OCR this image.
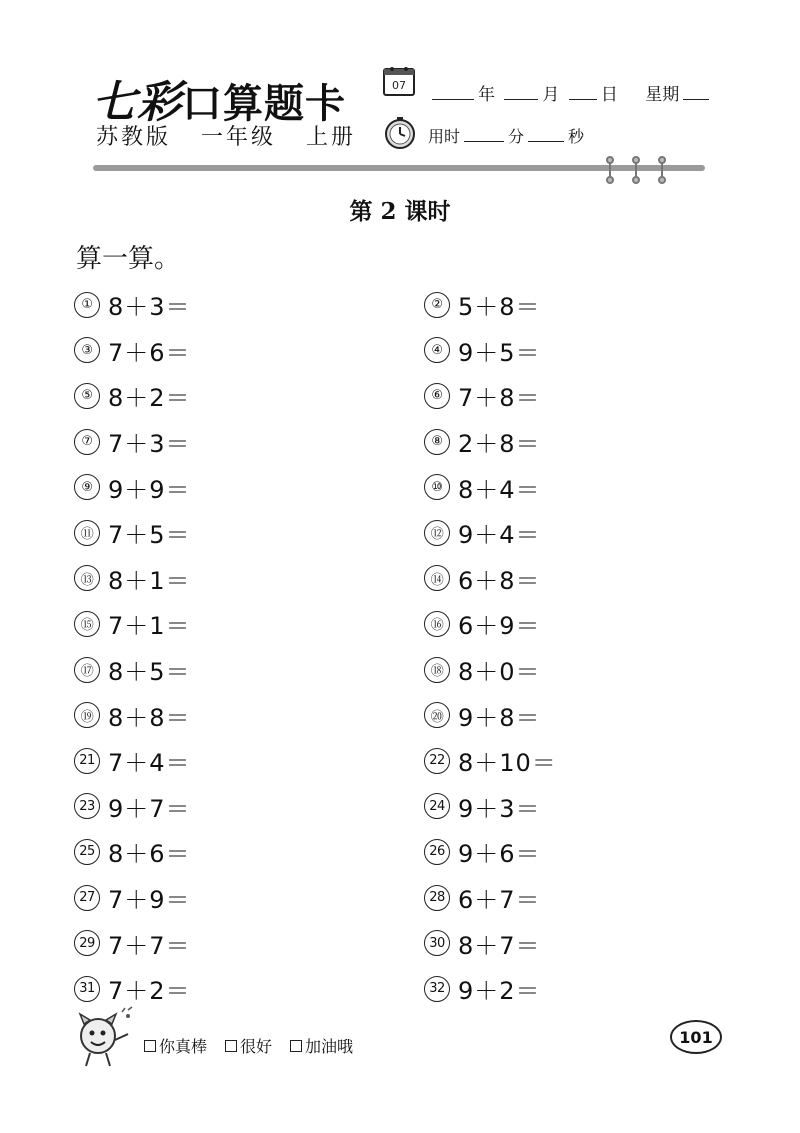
七彩口算题卡
苏教版 一年级 上册
07	年	月 日 星期
用时	分	秒
第 2 课时
算一算。
① 8＋3＝	② 5＋8＝
③ 7＋6＝	④ 9＋5＝
⑤ 8＋2＝	⑥ 7＋8＝
⑦ 7＋3＝	⑧ 2＋8＝
⑨ 9＋9＝	⑩ 8＋4＝
⑪ 7＋5＝	⑫ 9＋4＝
⑬ 8＋1＝	⑭ 6＋8＝
⑮ 7＋1＝	⑯ 6＋9＝
⑰ 8＋5＝	⑱ 8＋0＝
⑲ 8＋8＝	⑳ 9＋8＝
21 7＋4＝	22 8＋10＝
23 9＋7＝	24 9＋3＝
25 8＋6＝	26 9＋6＝
27 7＋9＝	28 6＋7＝
29 7＋7＝	30 8＋7＝
31 7＋2＝	32 9＋2＝
你真棒 很好 加油哦	101
